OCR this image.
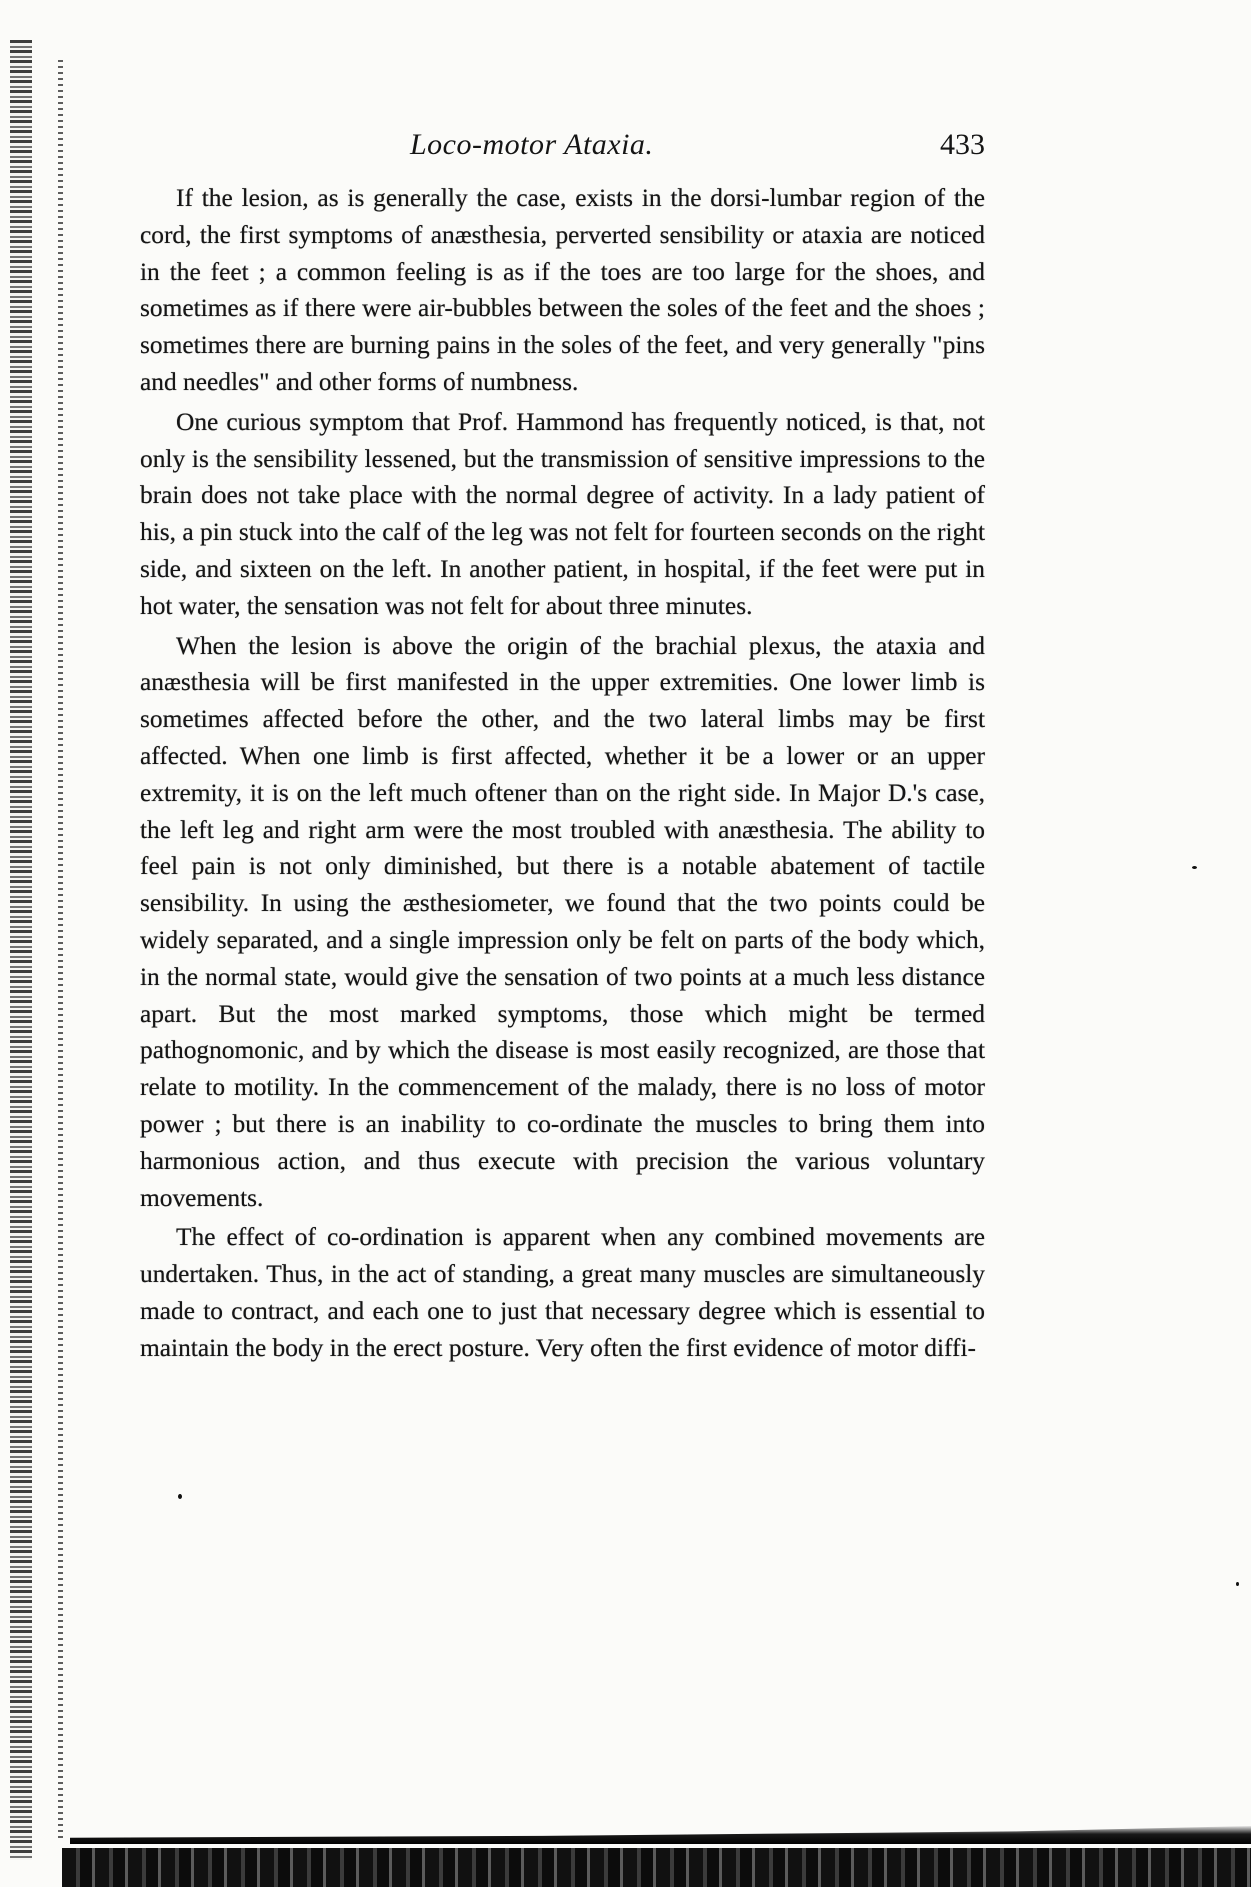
Loco-motor Ataxia.	433

If the lesion, as is generally the case, exists in the dorsi-lumbar region of the cord, the first symptoms of anæsthesia, perverted sensibility or ataxia are noticed in the feet ; a common feeling is as if the toes are too large for the shoes, and sometimes as if there were air-bubbles between the soles of the feet and the shoes ; sometimes there are burning pains in the soles of the feet, and very generally "pins and needles" and other forms of numbness.

One curious symptom that Prof. Hammond has frequently noticed, is that, not only is the sensibility lessened, but the transmission of sensitive impressions to the brain does not take place with the normal degree of activity. In a lady patient of his, a pin stuck into the calf of the leg was not felt for fourteen seconds on the right side, and sixteen on the left. In another patient, in hospital, if the feet were put in hot water, the sensation was not felt for about three minutes.

When the lesion is above the origin of the brachial plexus, the ataxia and anæsthesia will be first manifested in the upper extremities. One lower limb is sometimes affected before the other, and the two lateral limbs may be first affected. When one limb is first affected, whether it be a lower or an upper extremity, it is on the left much oftener than on the right side. In Major D.'s case, the left leg and right arm were the most troubled with anæsthesia. The ability to feel pain is not only diminished, but there is a notable abatement of tactile sensibility. In using the æsthesiometer, we found that the two points could be widely separated, and a single impression only be felt on parts of the body which, in the normal state, would give the sensation of two points at a much less distance apart. But the most marked symptoms, those which might be termed pathognomonic, and by which the disease is most easily recognized, are those that relate to motility. In the commencement of the malady, there is no loss of motor power ; but there is an inability to co-ordinate the muscles to bring them into harmonious action, and thus execute with precision the various voluntary movements.

The effect of co-ordination is apparent when any combined movements are undertaken. Thus, in the act of standing, a great many muscles are simultaneously made to contract, and each one to just that necessary degree which is essential to maintain the body in the erect posture. Very often the first evidence of motor diffi-
